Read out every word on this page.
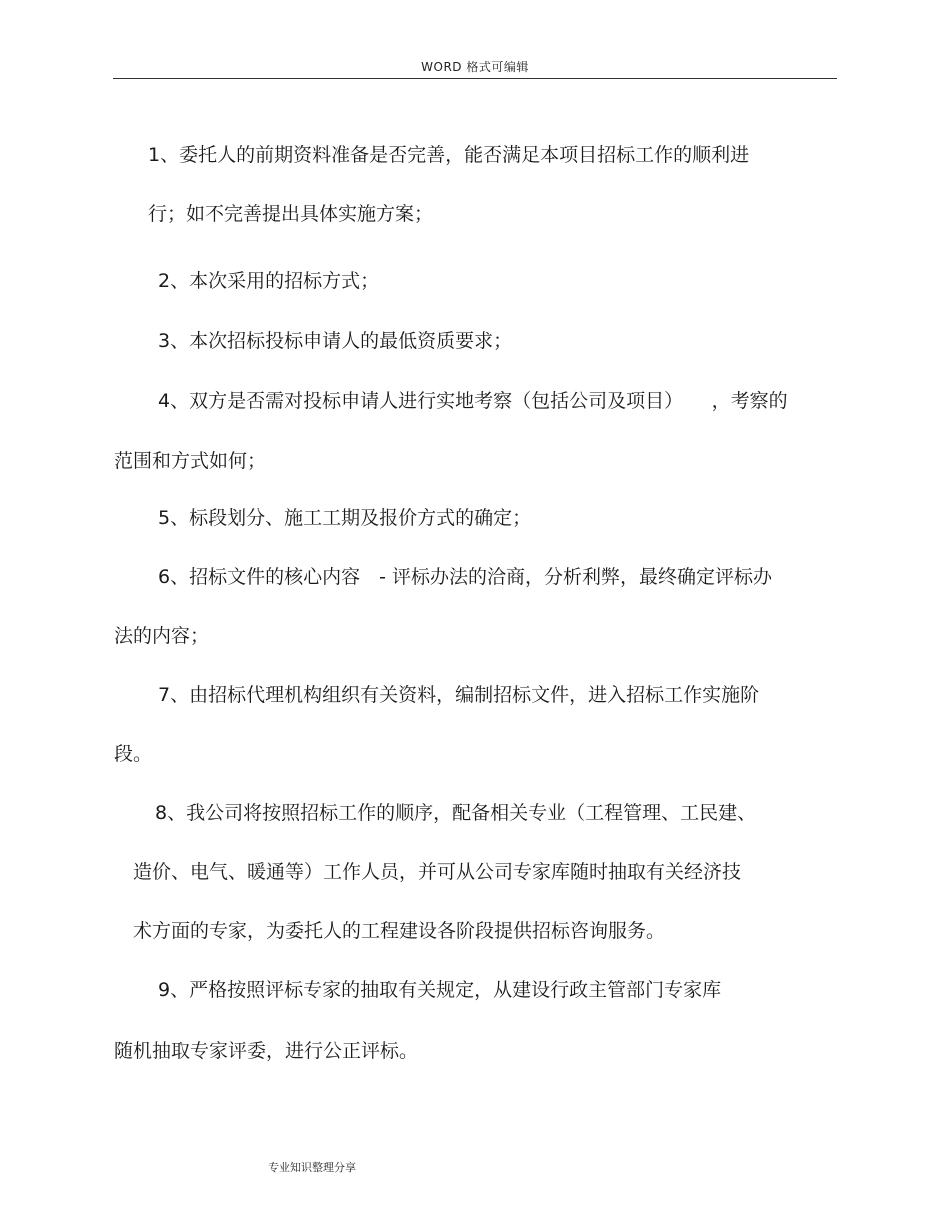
WORD 格式可编辑
1、委托人的前期资料准备是否完善，能否满足本项目招标工作的顺利进
行；如不完善提出具体实施方案；
2、本次采用的招标方式；
3、本次招标投标申请人的最低资质要求；
4、双方是否需对投标申请人进行实地考察（包括公司及项目）　　，考察的
范围和方式如何；
5、标段划分、施工工期及报价方式的确定；
6、招标文件的核心内容　- 评标办法的洽商，分析利弊，最终确定评标办
法的内容；
7、由招标代理机构组织有关资料，编制招标文件，进入招标工作实施阶
段。
8、我公司将按照招标工作的顺序，配备相关专业（工程管理、工民建、
造价、电气、暖通等）工作人员，并可从公司专家库随时抽取有关经济技
术方面的专家，为委托人的工程建设各阶段提供招标咨询服务。
9、严格按照评标专家的抽取有关规定，从建设行政主管部门专家库
随机抽取专家评委，进行公正评标。
专业知识整理分享
